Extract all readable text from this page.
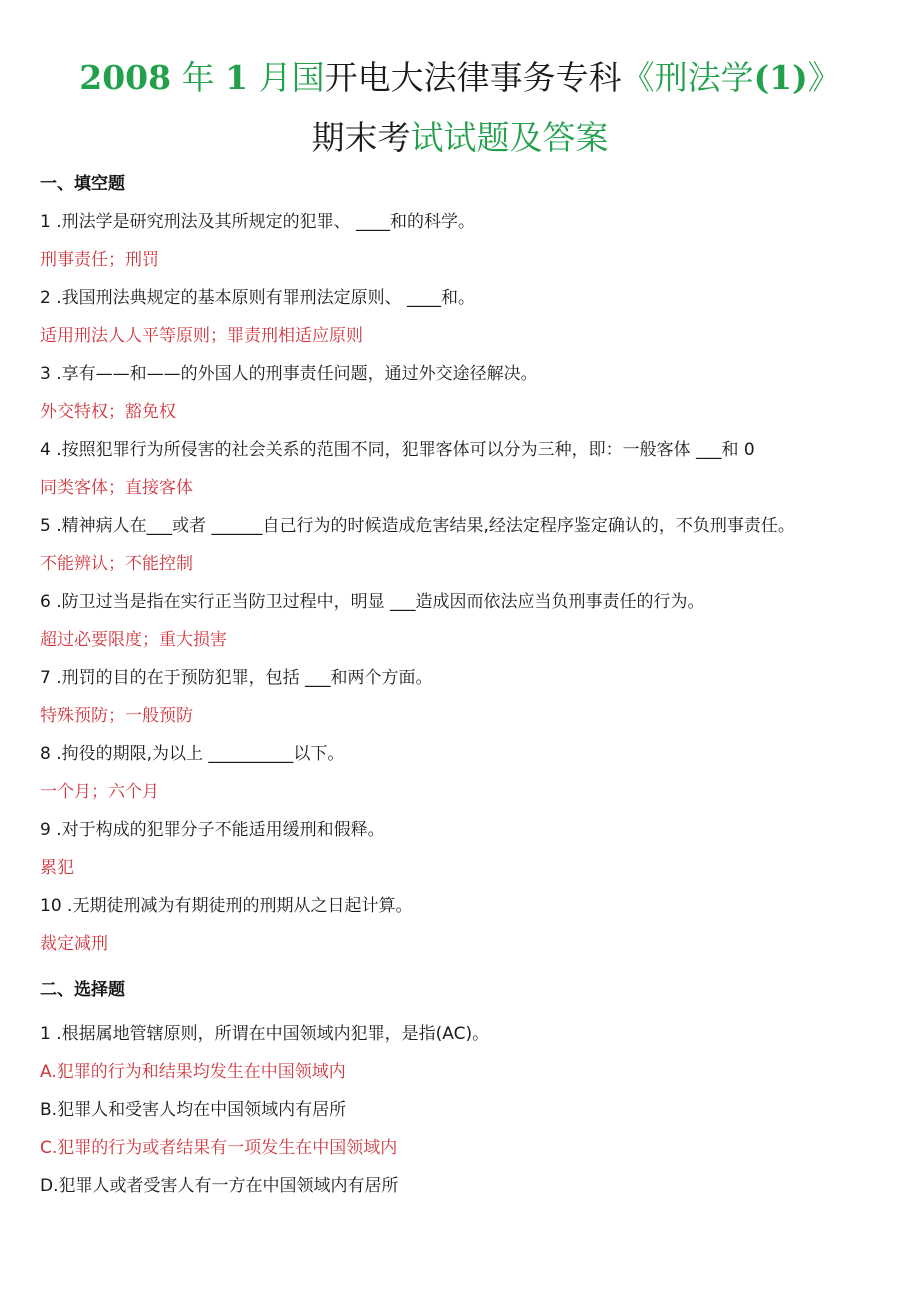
2008 年 1 月国开电大法律事务专科《刑法学(1)》
期末考试试题及答案
一、填空题
1 .刑法学是研究刑法及其所规定的犯罪、 ____和的科学。
刑事责任；刑罚
2 .我国刑法典规定的基本原则有罪刑法定原则、 ____和。
适用刑法人人平等原则；罪责刑相适应原则
3 .享有——和——的外国人的刑事责任问题，通过外交途径解决。
外交特权；豁免权
4 .按照犯罪行为所侵害的社会关系的范围不同，犯罪客体可以分为三种，即：一般客体 ___和 0
同类客体；直接客体
5 .精神病人在___或者 ______自己行为的时候造成危害结果,经法定程序鉴定确认的，不负刑事责任。
不能辨认；不能控制
6 .防卫过当是指在实行正当防卫过程中，明显 ___造成因而依法应当负刑事责任的行为。
超过必要限度；重大损害
7 .刑罚的目的在于预防犯罪，包括 ___和两个方面。
特殊预防；一般预防
8 .拘役的期限,为以上 __________以下。
一个月；六个月
9 .对于构成的犯罪分子不能适用缓刑和假释。
累犯
10 .无期徒刑减为有期徒刑的刑期从之日起计算。
裁定减刑
二、选择题
1 .根据属地管辖原则，所谓在中国领域内犯罪，是指(AC)。
A.犯罪的行为和结果均发生在中国领域内
B.犯罪人和受害人均在中国领域内有居所
C.犯罪的行为或者结果有一项发生在中国领域内
D.犯罪人或者受害人有一方在中国领域内有居所
